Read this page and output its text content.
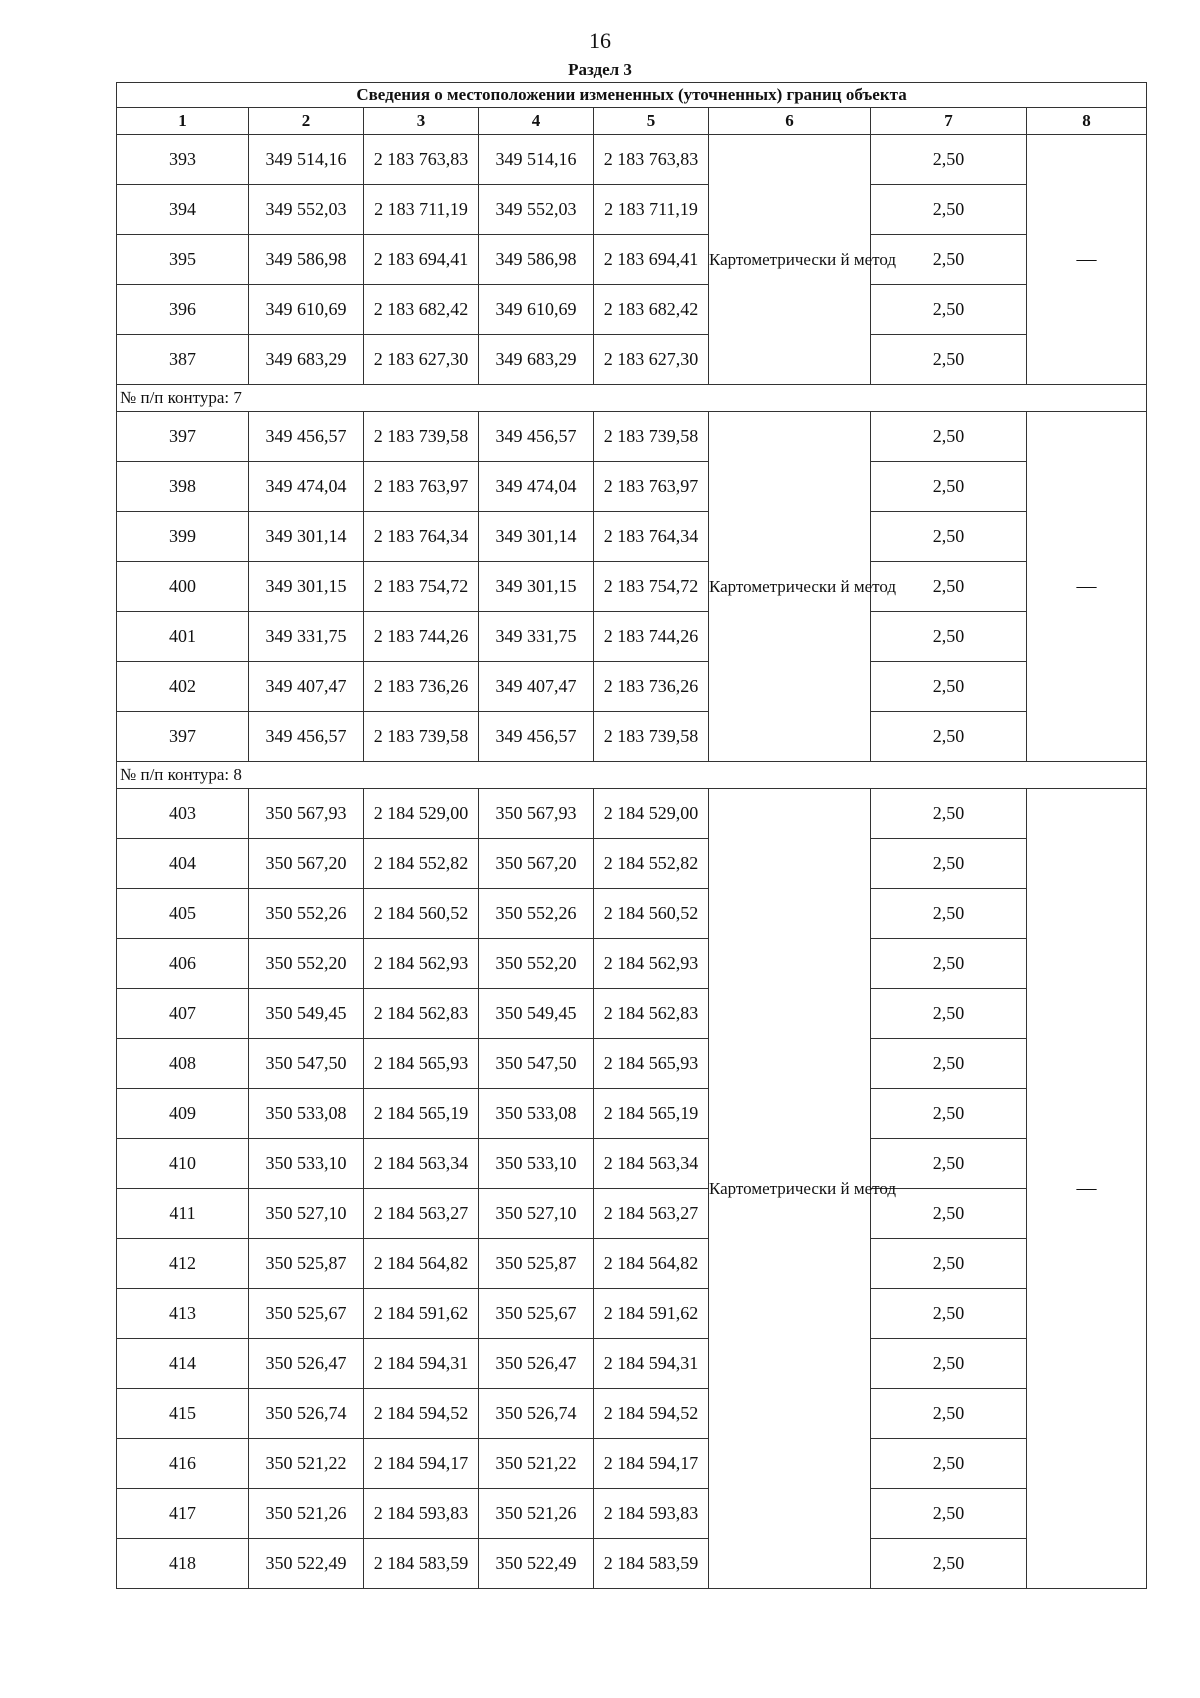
16
Раздел 3
Сведения о местоположении измененных (уточненных) границ объекта							
1	2	3	4	5	6	7	8
393	349 514,16	2 183 763,83	349 514,16	2 183 763,83	Картометрически й метод	2,50	—
394	349 552,03	2 183 711,19	349 552,03	2 183 711,19		2,50	
395	349 586,98	2 183 694,41	349 586,98	2 183 694,41		2,50	
396	349 610,69	2 183 682,42	349 610,69	2 183 682,42		2,50	
387	349 683,29	2 183 627,30	349 683,29	2 183 627,30		2,50	
№ п/п контура: 7							
397	349 456,57	2 183 739,58	349 456,57	2 183 739,58	Картометрически й метод	2,50	—
398	349 474,04	2 183 763,97	349 474,04	2 183 763,97		2,50	
399	349 301,14	2 183 764,34	349 301,14	2 183 764,34		2,50	
400	349 301,15	2 183 754,72	349 301,15	2 183 754,72		2,50	
401	349 331,75	2 183 744,26	349 331,75	2 183 744,26		2,50	
402	349 407,47	2 183 736,26	349 407,47	2 183 736,26		2,50	
397	349 456,57	2 183 739,58	349 456,57	2 183 739,58		2,50	
№ п/п контура: 8							
403	350 567,93	2 184 529,00	350 567,93	2 184 529,00	Картометрически й метод	2,50	—
404	350 567,20	2 184 552,82	350 567,20	2 184 552,82		2,50	
405	350 552,26	2 184 560,52	350 552,26	2 184 560,52		2,50	
406	350 552,20	2 184 562,93	350 552,20	2 184 562,93		2,50	
407	350 549,45	2 184 562,83	350 549,45	2 184 562,83		2,50	
408	350 547,50	2 184 565,93	350 547,50	2 184 565,93		2,50	
409	350 533,08	2 184 565,19	350 533,08	2 184 565,19		2,50	
410	350 533,10	2 184 563,34	350 533,10	2 184 563,34		2,50	
411	350 527,10	2 184 563,27	350 527,10	2 184 563,27		2,50	
412	350 525,87	2 184 564,82	350 525,87	2 184 564,82		2,50	
413	350 525,67	2 184 591,62	350 525,67	2 184 591,62		2,50	
414	350 526,47	2 184 594,31	350 526,47	2 184 594,31		2,50	
415	350 526,74	2 184 594,52	350 526,74	2 184 594,52		2,50	
416	350 521,22	2 184 594,17	350 521,22	2 184 594,17		2,50	
417	350 521,26	2 184 593,83	350 521,26	2 184 593,83		2,50	
418	350 522,49	2 184 583,59	350 522,49	2 184 583,59		2,50	
